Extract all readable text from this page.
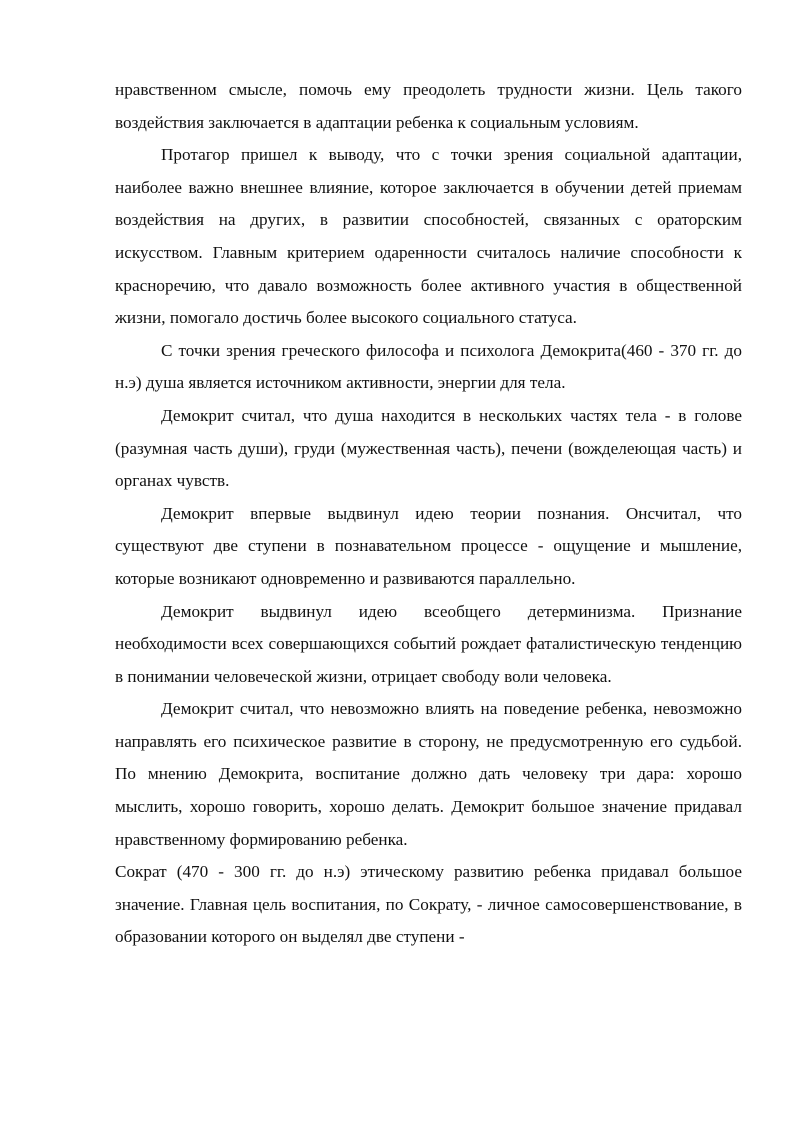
нравственном смысле, помочь ему преодолеть трудности жизни. Цель такого воздействия заключается в адаптации ребенка к социальным условиям.

Протагор пришел к выводу, что с точки зрения социальной адаптации, наиболее важно внешнее влияние, которое заключается в обучении детей приемам воздействия на других, в развитии способностей, связанных с ораторским искусством. Главным критерием одаренности считалось наличие способности к красноречию, что давало возможность более активного участия в общественной жизни, помогало достичь более высокого социального статуса.

С точки зрения греческого философа и психолога Демокрита(460 - 370 гг. до н.э) душа является источником активности, энергии для тела.

Демокрит считал, что душа находится в нескольких частях тела - в голове (разумная часть души), груди (мужественная часть), печени (вожделеющая часть) и органах чувств.

Демокрит впервые выдвинул идею теории познания. Онсчитал, что существуют две ступени в познавательном процессе - ощущение и мышление, которые возникают одновременно и развиваются параллельно.

Демокрит выдвинул идею всеобщего детерминизма. Признание необходимости всех совершающихся событий рождает фаталистическую тенденцию в понимании человеческой жизни, отрицает свободу воли человека.

Демокрит считал, что невозможно влиять на поведение ребенка, невозможно направлять его психическое развитие в сторону, не предусмотренную его судьбой. По мнению Демокрита, воспитание должно дать человеку три дара: хорошо мыслить, хорошо говорить, хорошо делать. Демокрит большое значение придавал нравственному формированию ребенка.

Сократ (470 - 300 гг. до н.э) этическому развитию ребенка придавал большое значение. Главная цель воспитания, по Сократу, - личное самосовершенствование, в образовании которого он выделял две ступени -
